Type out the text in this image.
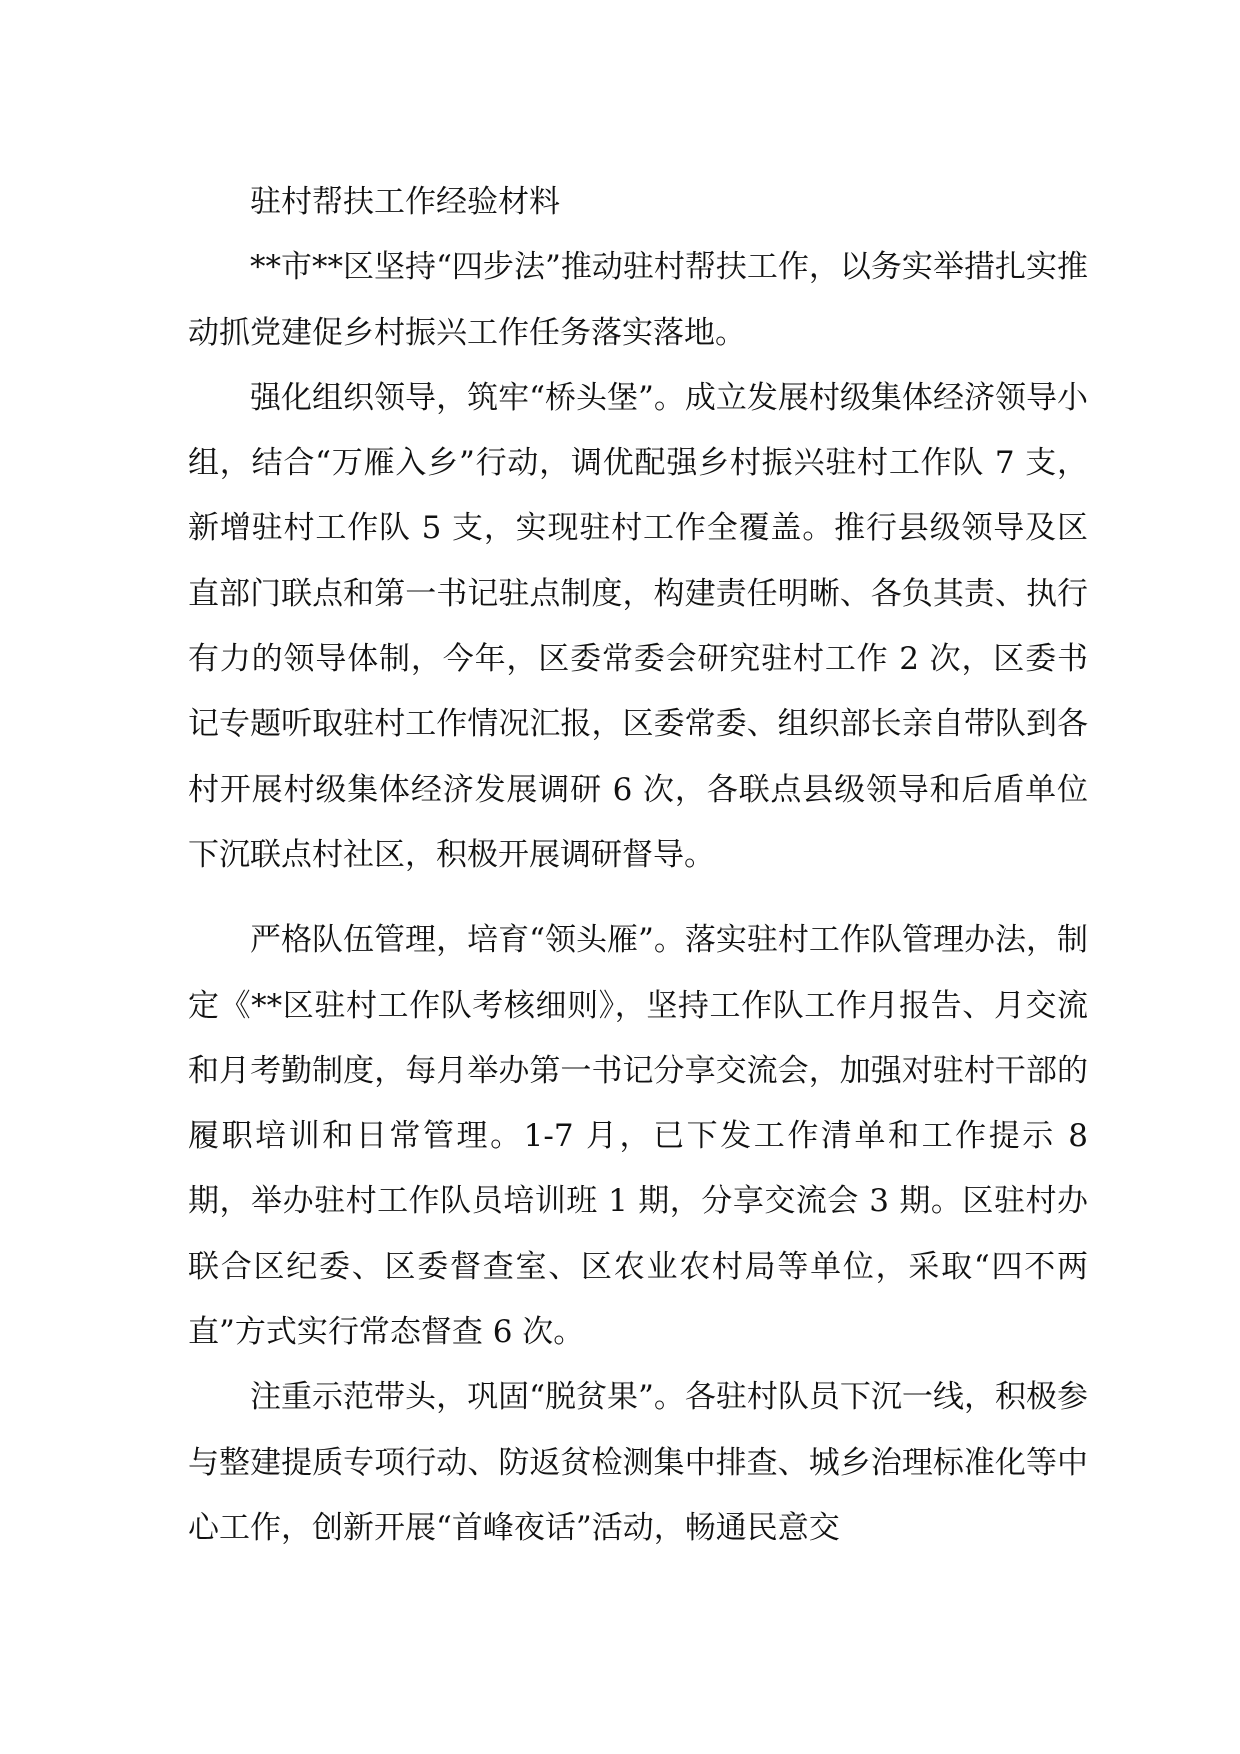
驻村帮扶工作经验材料

**市**区坚持“四步法”推动驻村帮扶工作，以务实举措扎实推动抓党建促乡村振兴工作任务落实落地。

强化组织领导，筑牢“桥头堡”。成立发展村级集体经济领导小组，结合“万雁入乡”行动，调优配强乡村振兴驻村工作队 7 支，新增驻村工作队 5 支，实现驻村工作全覆盖。推行县级领导及区直部门联点和第一书记驻点制度，构建责任明晰、各负其责、执行有力的领导体制，今年，区委常委会研究驻村工作 2 次，区委书记专题听取驻村工作情况汇报，区委常委、组织部长亲自带队到各村开展村级集体经济发展调研 6 次，各联点县级领导和后盾单位下沉联点村社区，积极开展调研督导。

严格队伍管理，培育“领头雁”。落实驻村工作队管理办法，制定《**区驻村工作队考核细则》，坚持工作队工作月报告、月交流和月考勤制度，每月举办第一书记分享交流会，加强对驻村干部的履职培训和日常管理。1-7 月，已下发工作清单和工作提示 8 期，举办驻村工作队员培训班 1 期，分享交流会 3 期。区驻村办联合区纪委、区委督查室、区农业农村局等单位，采取“四不两直”方式实行常态督查 6 次。

注重示范带头，巩固“脱贫果”。各驻村队员下沉一线，积极参与整建提质专项行动、防返贫检测集中排查、城乡治理标准化等中心工作，创新开展“首峰夜话”活动，畅通民意交
